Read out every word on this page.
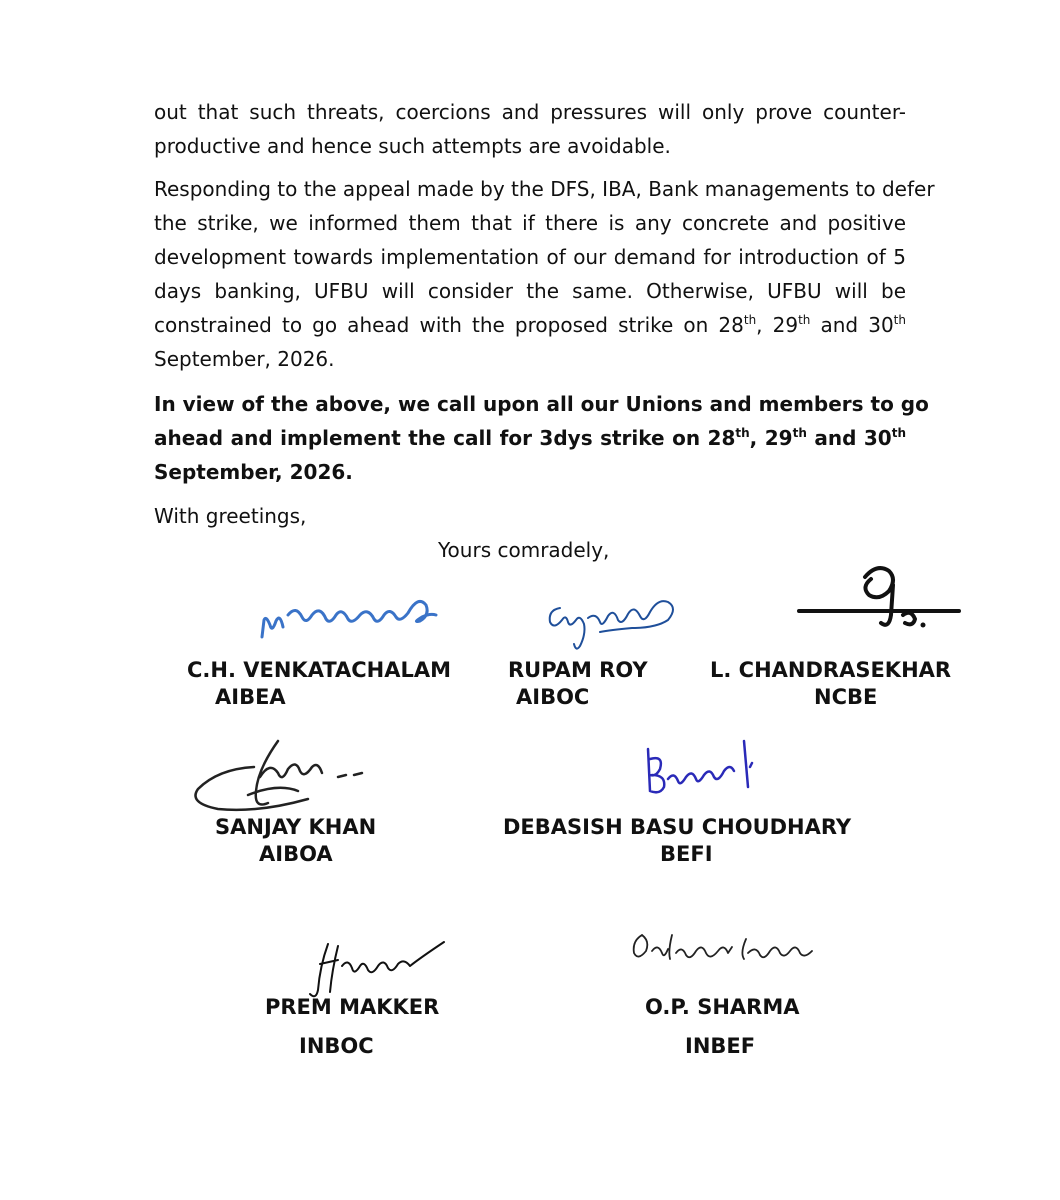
out that such threats, coercions and pressures will only prove counter-
productive and hence such attempts are avoidable.
Responding to the appeal made by the DFS, IBA, Bank managements to defer
the strike, we informed them that if there is any concrete and positive
development towards implementation of our demand for introduction of 5
days banking, UFBU will consider the same. Otherwise, UFBU will be
constrained to go ahead with the proposed strike on 28th, 29th and 30th
September, 2026.
In view of the above, we call upon all our Unions and members to go
ahead and implement the call for 3dys strike on 28th, 29th and 30th
September, 2026.

With greetings,

Yours comradely,

C.H. VENKATACHALAM

AIBEA

RUPAM ROY

AIBOC

L. CHANDRASEKHAR

NCBE

SANJAY KHAN

AIBOA

DEBASISH BASU CHOUDHARY

BEFI

PREM MAKKER

INBOC

O.P. SHARMA

INBEF
